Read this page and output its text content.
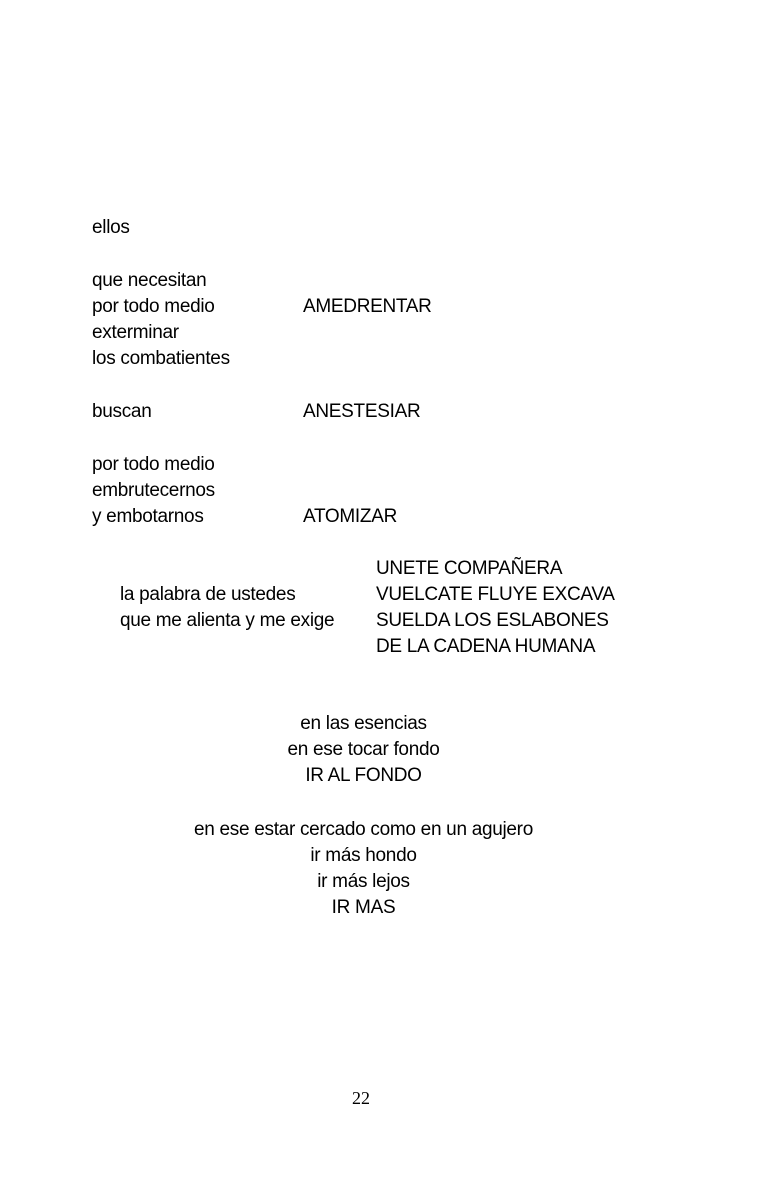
ellos
que necesitan
por todo medio
exterminar
los combatientes
buscan
por todo medio
embrutecernos
y embotarnos
AMEDRENTAR
ANESTESIAR
ATOMIZAR
la palabra de ustedes
que me alienta y me exige
UNETE COMPAÑERA
VUELCATE FLUYE EXCAVA
SUELDA LOS ESLABONES
DE LA CADENA HUMANA
en las esencias
en ese tocar fondo
IR AL FONDO
en ese estar cercado como en un agujero
ir más hondo
ir más lejos
IR MAS
22
